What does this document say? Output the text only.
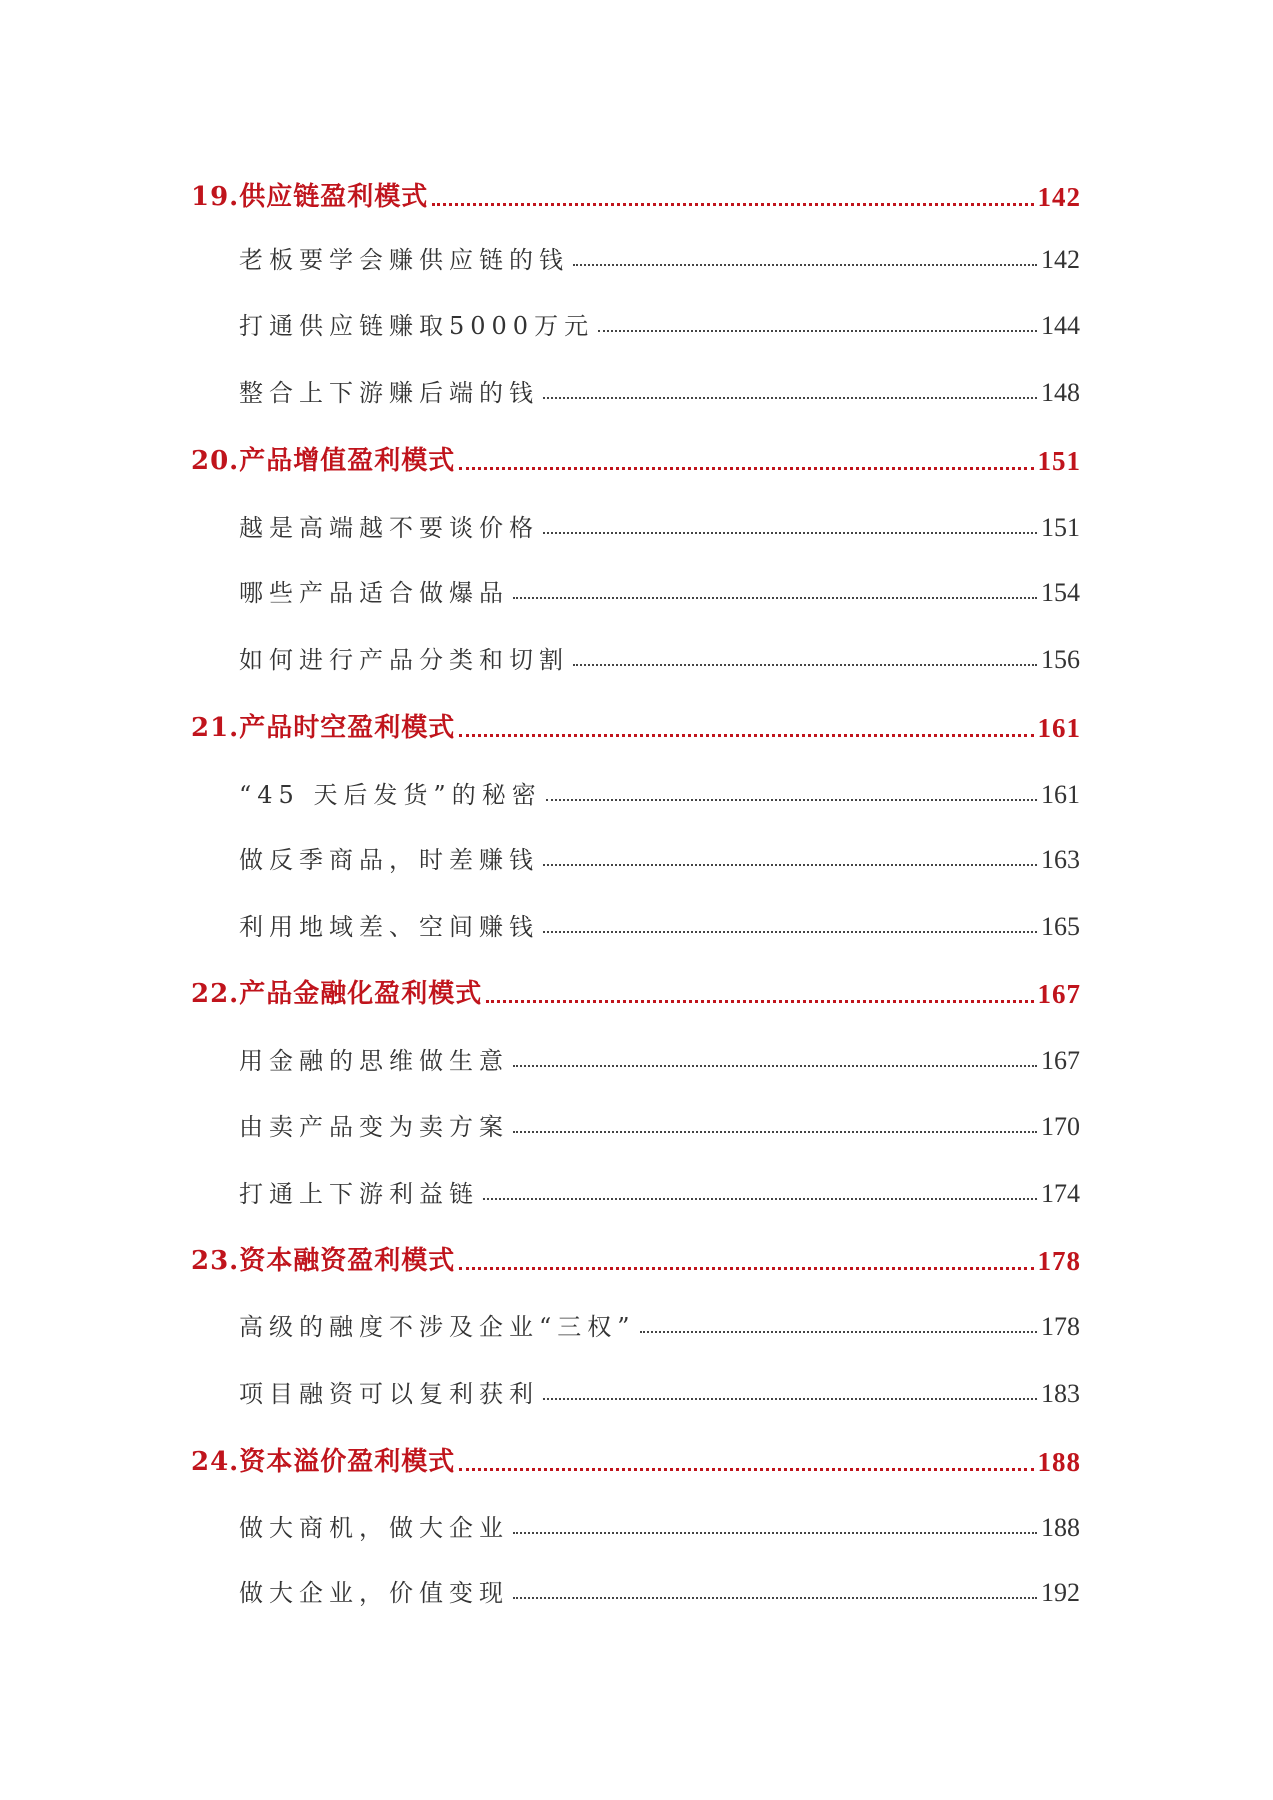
19.供应链盈利模式	142
老板要学会赚供应链的钱	142
打通供应链赚取5000万元	144
整合上下游赚后端的钱	148
20.产品增值盈利模式	151
越是高端越不要谈价格	151
哪些产品适合做爆品	154
如何进行产品分类和切割	156
21.产品时空盈利模式	161
“45 天后发货”的秘密	161
做反季商品，时差赚钱	163
利用地域差、空间赚钱	165
22.产品金融化盈利模式	167
用金融的思维做生意	167
由卖产品变为卖方案	170
打通上下游利益链	174
23.资本融资盈利模式	178
高级的融度不涉及企业“三权”	178
项目融资可以复利获利	183
24.资本溢价盈利模式	188
做大商机，做大企业	188
做大企业，价值变现	192
